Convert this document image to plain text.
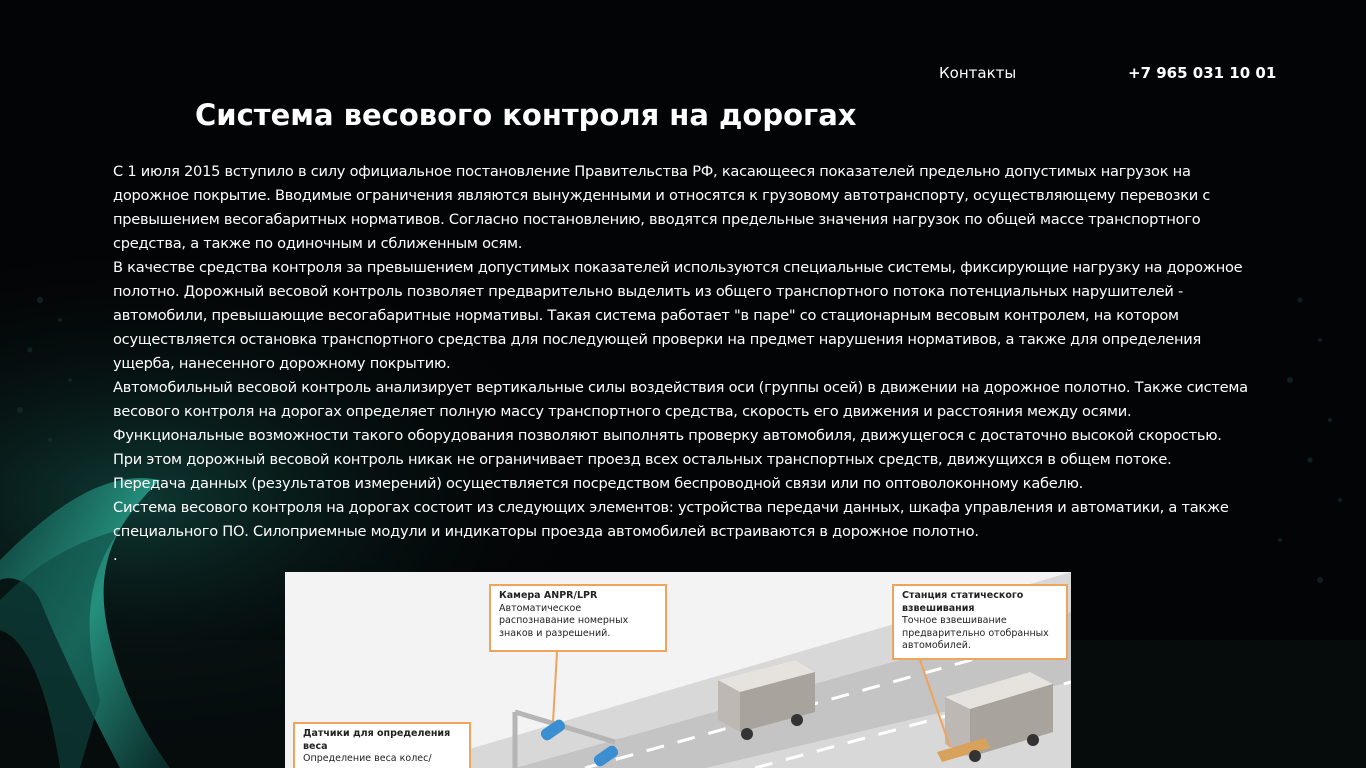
Система весового контроля на дорогах
Контакты	+7 965 031 10 01

С 1 июля 2015 вступило в силу официальное постановление Правительства РФ, касающееся показателей предельно допустимых нагрузок на дорожное покрытие. Вводимые ограничения являются вынужденными и относятся к грузовому автотранспорту, осуществляющему перевозки с превышением весогабаритных нормативов. Согласно постановлению, вводятся предельные значения нагрузок по общей массе транспортного средства, а также по одиночным и сближенным осям.

В качестве средства контроля за превышением допустимых показателей используются специальные системы, фиксирующие нагрузку на дорожное полотно. Дорожный весовой контроль позволяет предварительно выделить из общего транспортного потока потенциальных нарушителей - автомобили, превышающие весогабаритные нормативы. Такая система работает "в паре" со стационарным весовым контролем, на котором осуществляется остановка транспортного средства для последующей проверки на предмет нарушения нормативов, а также для определения ущерба, нанесенного дорожному покрытию.

Автомобильный весовой контроль анализирует вертикальные силы воздействия оси (группы осей) в движении на дорожное полотно. Также система весового контроля на дорогах определяет полную массу транспортного средства, скорость его движения и расстояния между осями. Функциональные возможности такого оборудования позволяют выполнять проверку автомобиля, движущегося с достаточно высокой скоростью. При этом дорожный весовой контроль никак не ограничивает проезд всех остальных транспортных средств, движущихся в общем потоке. Передача данных (результатов измерений) осуществляется посредством беспроводной связи или по оптоволоконному кабелю.

Система весового контроля на дорогах состоит из следующих элементов: устройства передачи данных, шкафа управления и автоматики, а также специального ПО. Силоприемные модули и индикаторы проезда автомобилей встраиваются в дорожное полотно.

.

Камера ANPR/LPR
Автоматическое распознавание номерных знаков и разрешений.
Станция статического взвешивания
Точное взвешивание предварительно отобранных автомобилей.
Датчики для определения веса
Определение веса колес/
